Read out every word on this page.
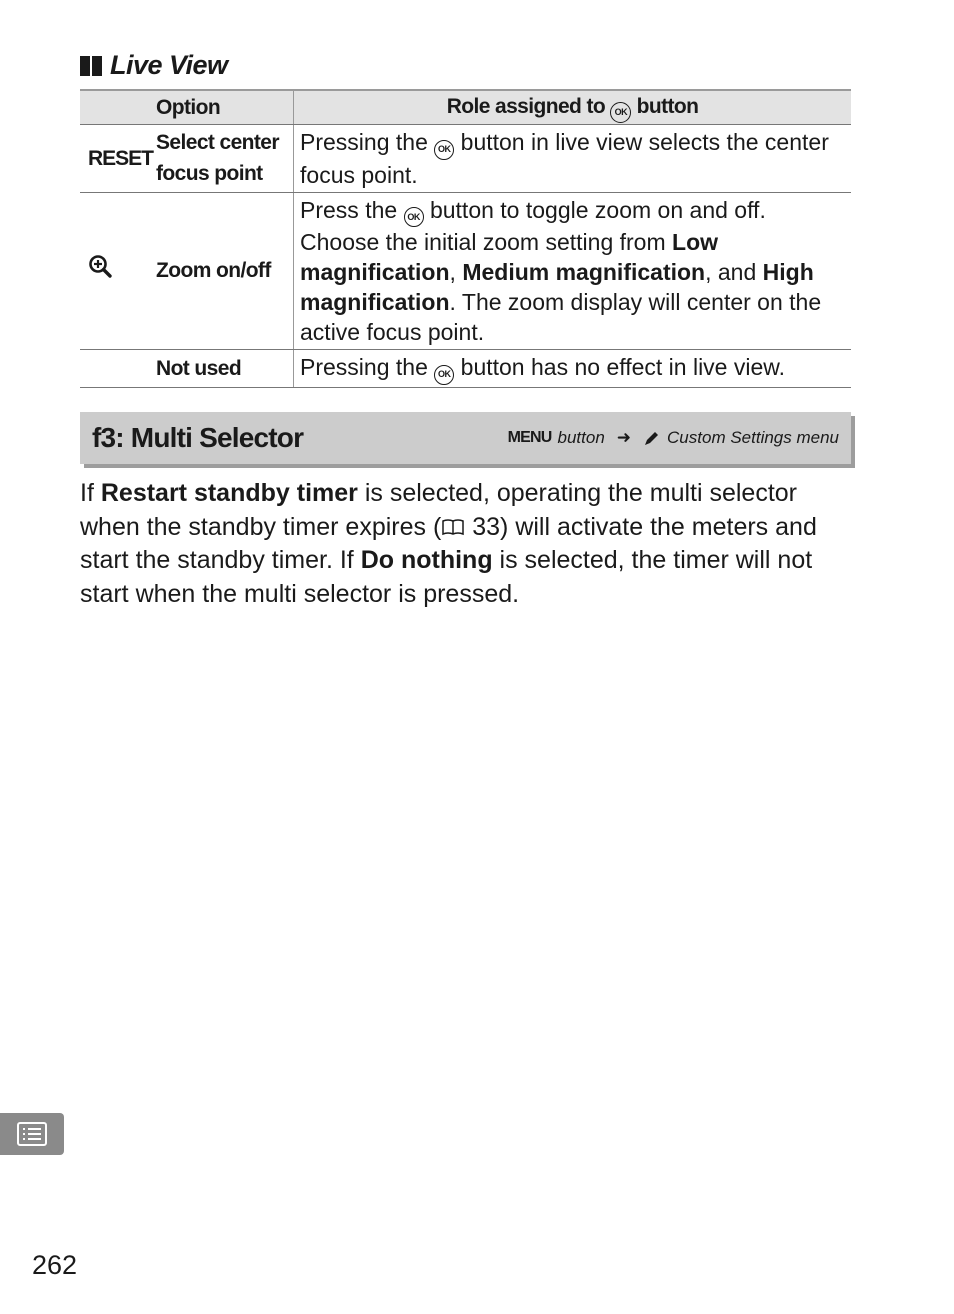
Live View
Option		Role assigned to OK button
RESET	Select center focus point	Pressing the OK button in live view selects the center focus point.
	Zoom on/off	Press the OK button to toggle zoom on and off. Choose the initial zoom setting from Low magnification, Medium magnification, and High magnification. The zoom display will center on the active focus point.
	Not used	Pressing the OK button has no effect in live view.
f3: Multi Selector	MENU button ➜ Custom Settings menu
If Restart standby timer is selected, operating the multi selector when the standby timer expires ( 33) will activate the meters and start the standby timer. If Do nothing is selected, the timer will not start when the multi selector is pressed.
262
